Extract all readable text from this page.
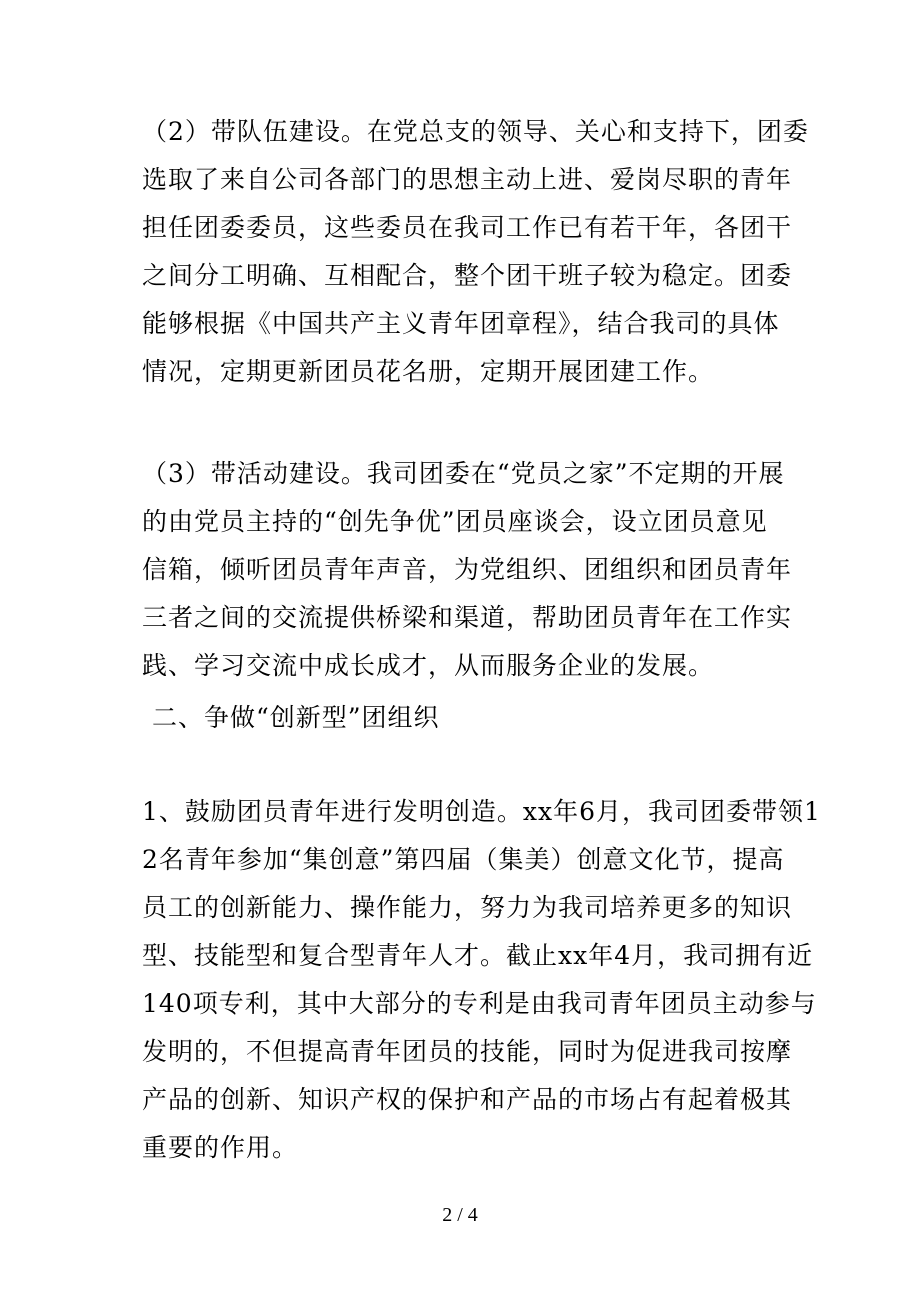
（2）带队伍建设。在党总支的领导、关心和支持下，团委
选取了来自公司各部门的思想主动上进、爱岗尽职的青年
担任团委委员，这些委员在我司工作已有若干年，各团干
之间分工明确、互相配合，整个团干班子较为稳定。团委
能够根据《中国共产主义青年团章程》，结合我司的具体
情况，定期更新团员花名册，定期开展团建工作。
（3）带活动建设。我司团委在“党员之家”不定期的开展
的由党员主持的“创先争优”团员座谈会，设立团员意见
信箱，倾听团员青年声音，为党组织、团组织和团员青年
三者之间的交流提供桥梁和渠道，帮助团员青年在工作实
践、学习交流中成长成才，从而服务企业的发展。
二、争做“创新型”团组织
1、鼓励团员青年进行发明创造。xx年6月，我司团委带领1
2名青年参加“集创意”第四届（集美）创意文化节，提高
员工的创新能力、操作能力，努力为我司培养更多的知识
型、技能型和复合型青年人才。截止xx年4月，我司拥有近
140项专利，其中大部分的专利是由我司青年团员主动参与
发明的，不但提高青年团员的技能，同时为促进我司按摩
产品的创新、知识产权的保护和产品的市场占有起着极其
重要的作用。
2 / 4
